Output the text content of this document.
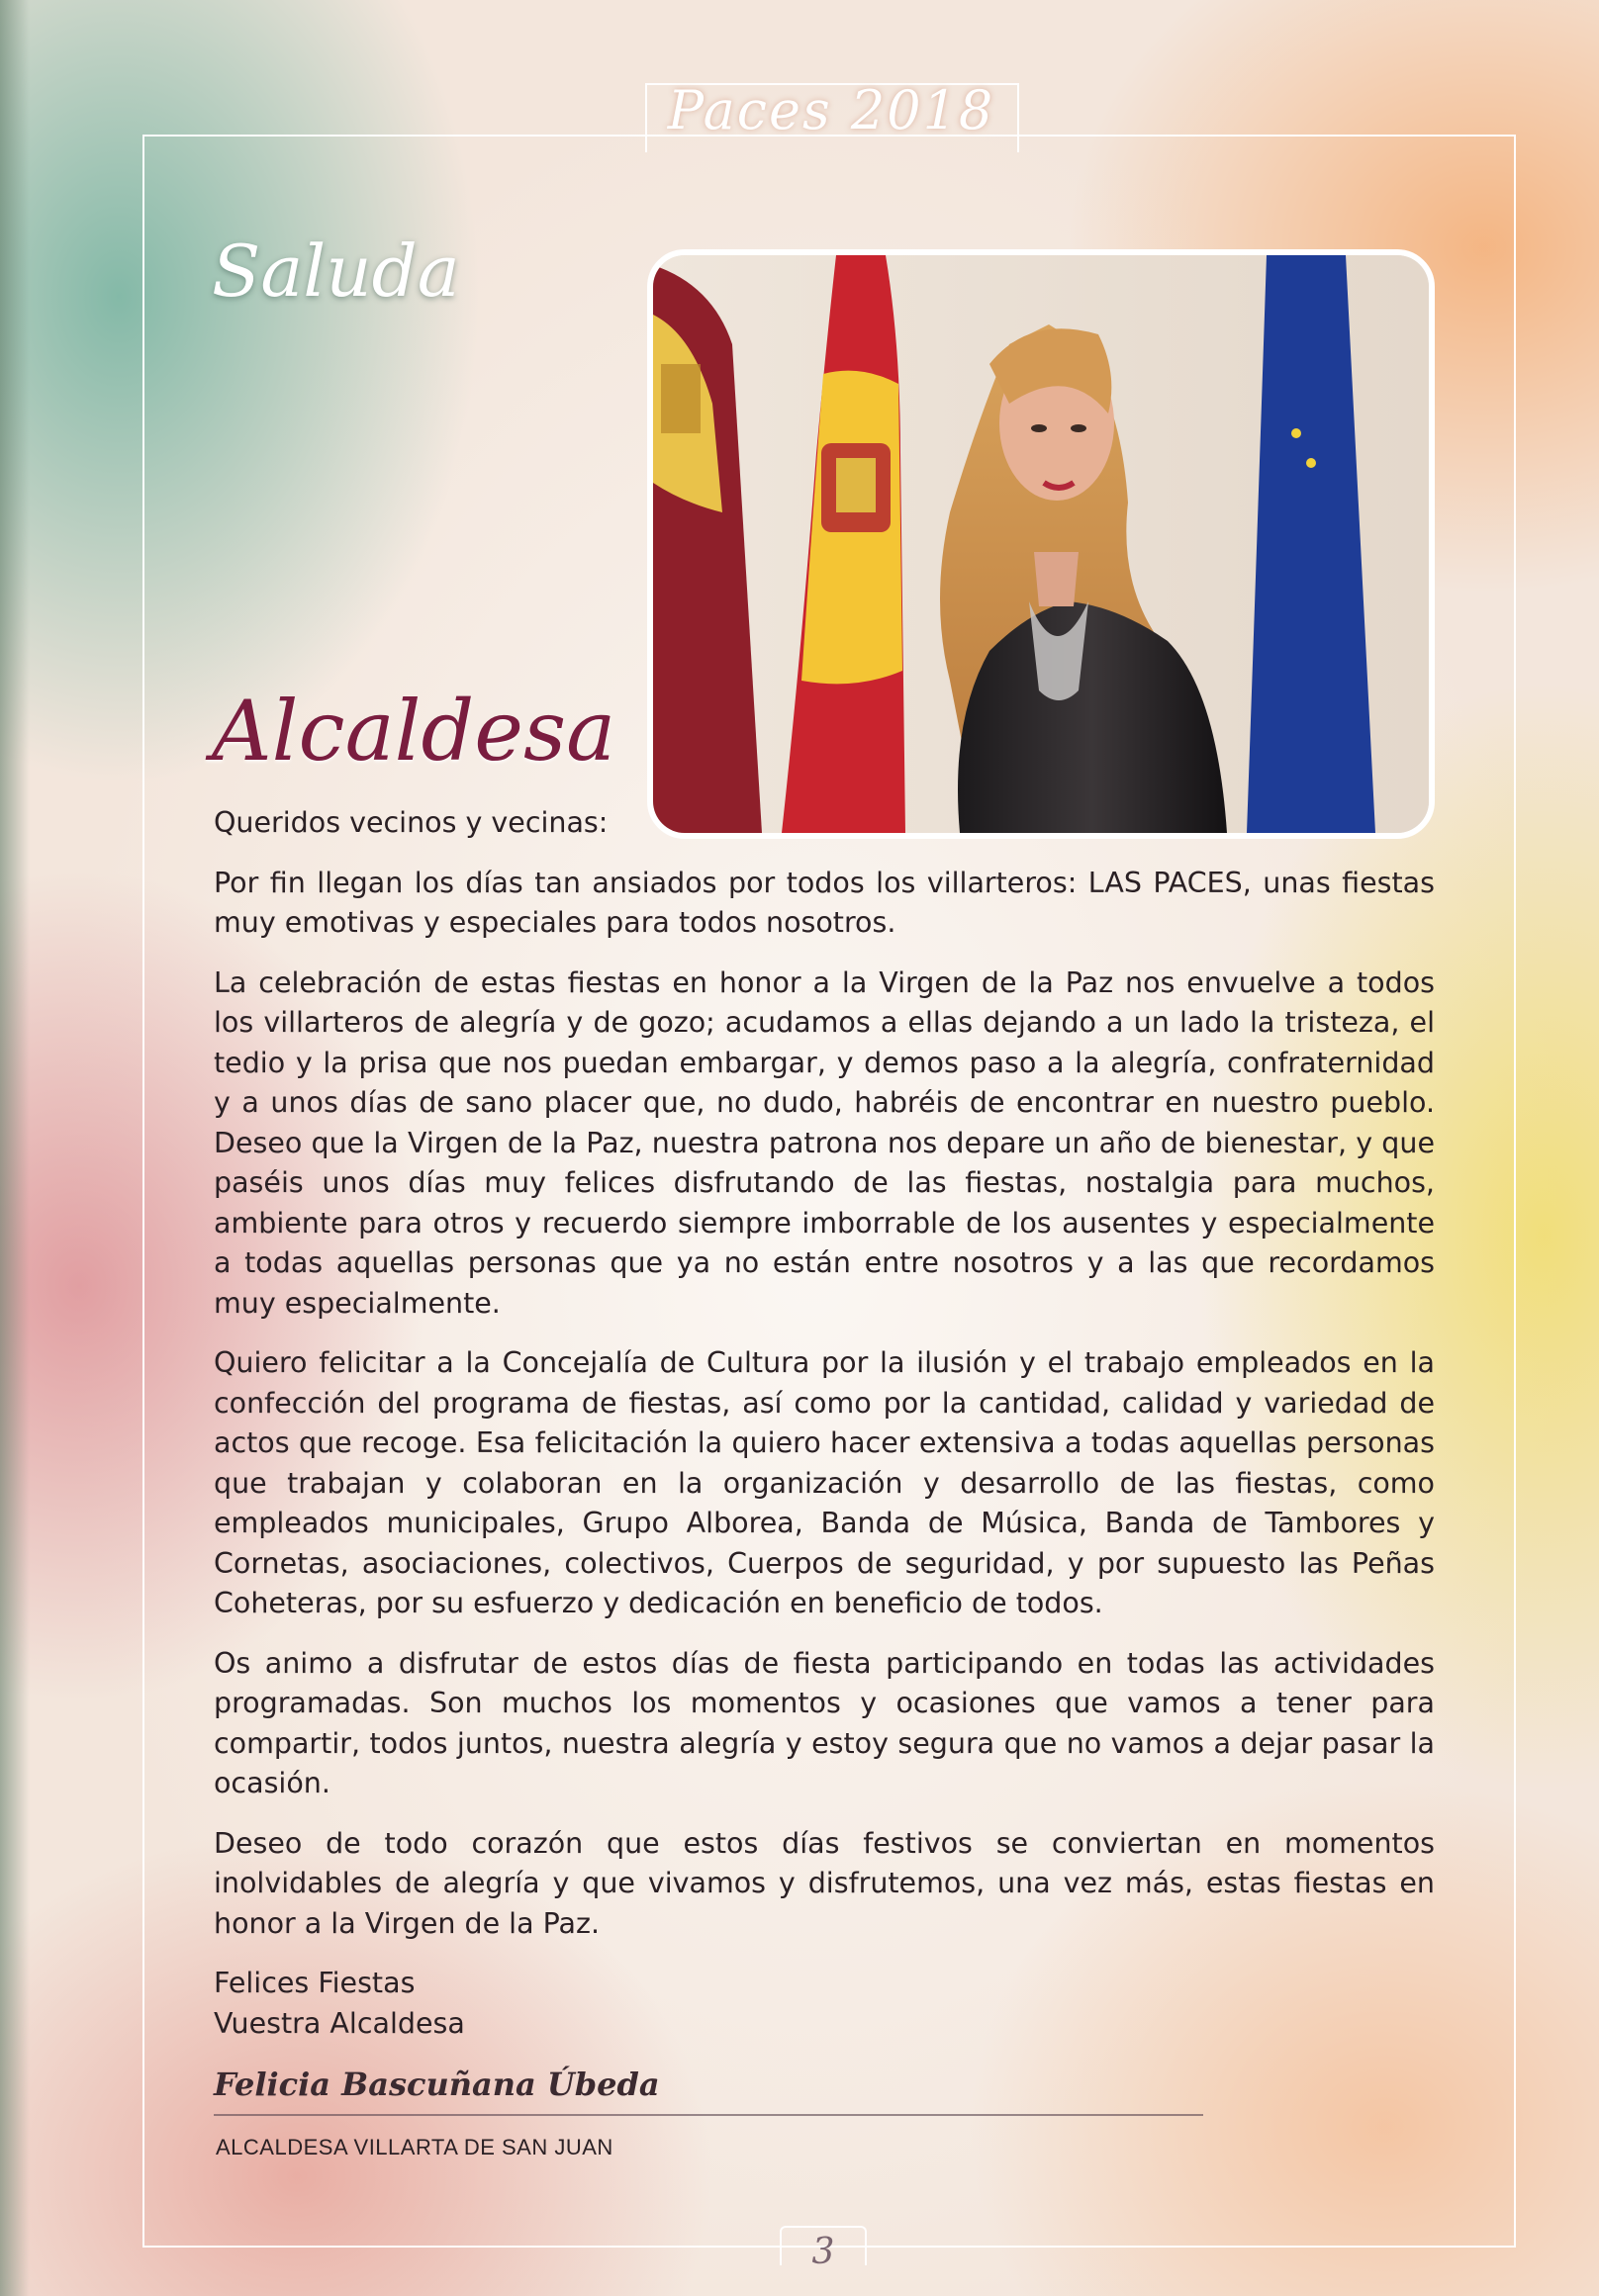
Paces 2018
Saluda
Alcaldesa

Queridos vecinos y vecinas:

Por fin llegan los días tan ansiados por todos los villarteros: LAS PACES, unas fiestas muy emotivas y especiales para todos nosotros.

La celebración de estas fiestas en honor a la Virgen de la Paz nos envuelve a todos los villarteros de alegría y de gozo; acudamos a ellas dejando a un lado la tristeza, el tedio y la prisa que nos puedan embargar, y demos paso a la alegría, confraternidad y a unos días de sano placer que, no dudo, habréis de encontrar en nuestro pueblo. Deseo que la Virgen de la Paz, nuestra patrona nos depare un año de bienestar, y que paséis unos días muy felices disfrutando de las fiestas, nostalgia para muchos, ambiente para otros y recuerdo siempre imborrable de los ausentes y especialmente a todas aquellas personas que ya no están entre nosotros y a las que recordamos muy especialmente.

Quiero felicitar a la Concejalía de Cultura por la ilusión y el trabajo empleados en la confección del programa de fiestas, así como por la cantidad, calidad y variedad de actos que recoge. Esa felicitación la quiero hacer extensiva a todas aquellas personas que trabajan y colaboran en la organización y desarrollo de las fiestas, como empleados municipales, Grupo Alborea, Banda de Música, Banda de Tambores y Cornetas, asociaciones, colectivos, Cuerpos de seguridad, y por supuesto las Peñas Coheteras, por su esfuerzo y dedicación en beneficio de todos.

Os animo a disfrutar de estos días de fiesta participando en todas las actividades programadas. Son muchos los momentos y ocasiones que vamos a tener para compartir, todos juntos, nuestra alegría y estoy segura que no vamos a dejar pasar la ocasión.

Deseo de todo corazón que estos días festivos se conviertan en momentos inolvidables de alegría y que vivamos y disfrutemos, una vez más, estas fiestas en honor a la Virgen de la Paz.

Felices Fiestas
Vuestra Alcaldesa
Felicia Bascuñana Úbeda
ALCALDESA VILLARTA DE SAN JUAN
3
